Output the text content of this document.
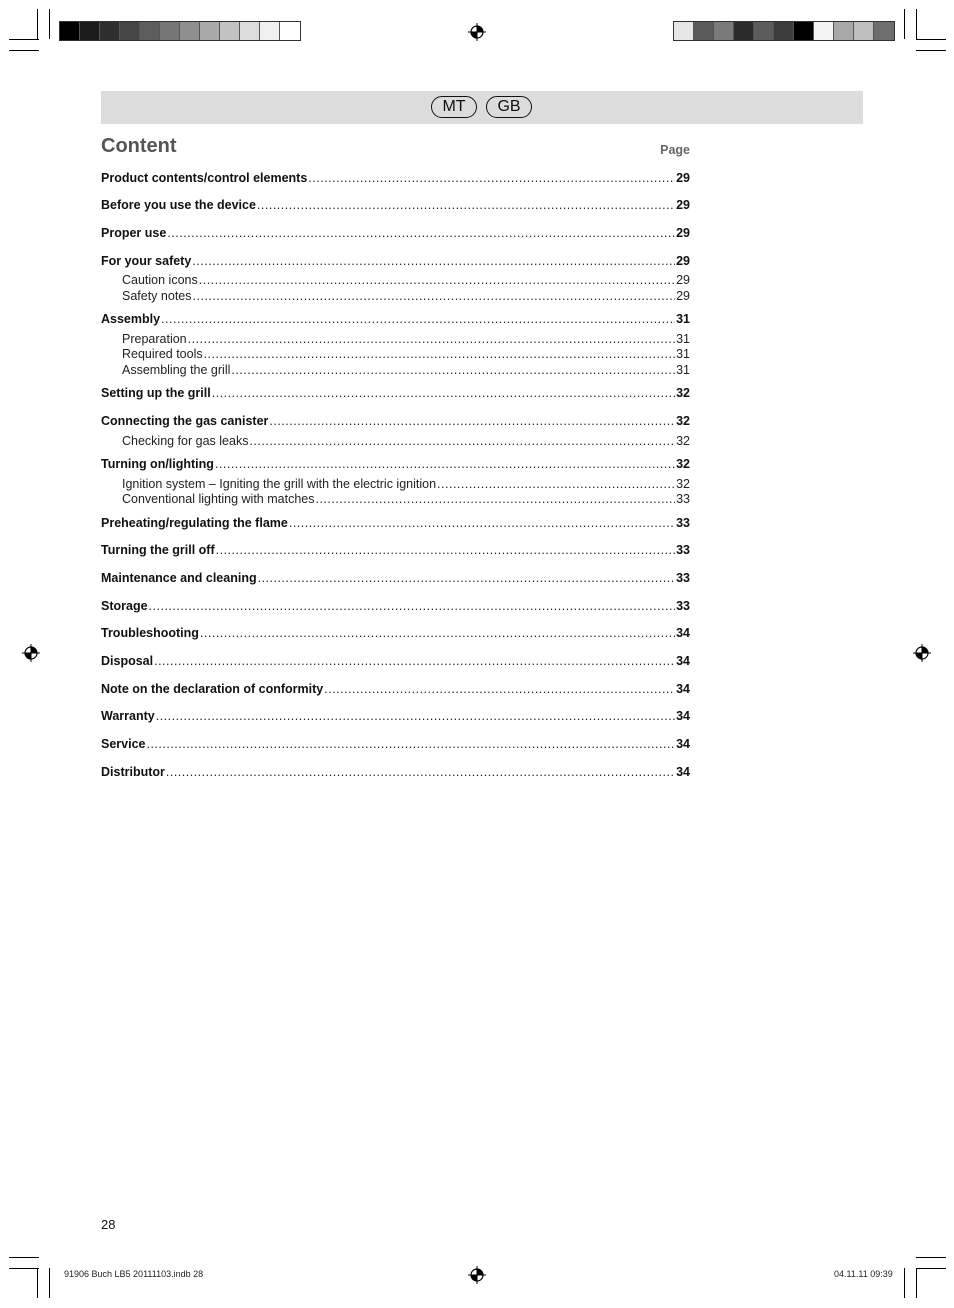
MT	GB
Content	Page
Product contents/control elements .....	29
Before you use the device .....	29
Proper use .....	29
For your safety .....	29
Caution icons .....	29
Safety notes .....	29
Assembly .....	31
Preparation .....	31
Required tools .....	31
Assembling the grill .....	31
Setting up the grill .....	32
Connecting the gas canister .....	32
Checking for gas leaks .....	32
Turning on/lighting .....	32
Ignition system – Igniting the grill with the electric ignition .....	32
Conventional lighting with matches .....	33
Preheating/regulating the flame .....	33
Turning the grill off .....	33
Maintenance and cleaning .....	33
Storage .....	33
Troubleshooting .....	34
Disposal .....	34
Note on the declaration of conformity .....	34
Warranty .....	34
Service .....	34
Distributor .....	34
28
91906 Buch LB5 20111103.indb 28	04.11.11 09:39
